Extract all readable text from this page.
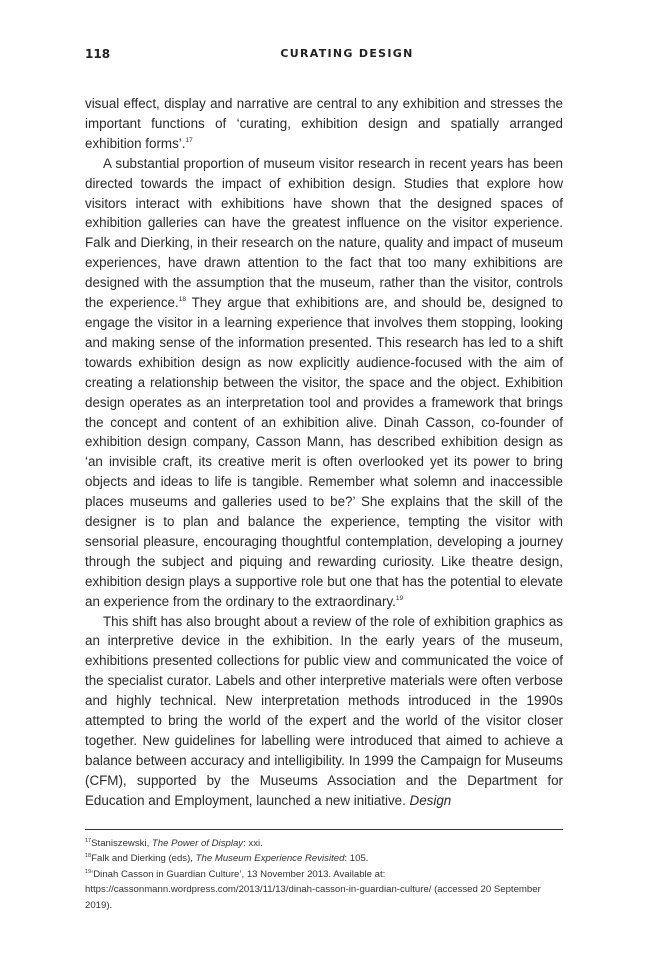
118	CURATING DESIGN

visual effect, display and narrative are central to any exhibition and stresses the important functions of ‘curating, exhibition design and spatially arranged exhibition forms’.$^{17}$

A substantial proportion of museum visitor research in recent years has been directed towards the impact of exhibition design. Studies that explore how visitors interact with exhibitions have shown that the designed spaces of exhibition galleries can have the greatest influence on the visitor experience. Falk and Dierking, in their research on the nature, quality and impact of museum experiences, have drawn attention to the fact that too many exhibitions are designed with the assumption that the museum, rather than the visitor, controls the experience.$^{18}$ They argue that exhibitions are, and should be, designed to engage the visitor in a learning experience that involves them stopping, looking and making sense of the information presented. This research has led to a shift towards exhibition design as now explicitly audience-focused with the aim of creating a relationship between the visitor, the space and the object. Exhibition design operates as an interpretation tool and provides a framework that brings the concept and content of an exhibition alive. Dinah Casson, co-founder of exhibition design company, Casson Mann, has described exhibition design as ‘an invisible craft, its creative merit is often overlooked yet its power to bring objects and ideas to life is tangible. Remember what solemn and inaccessible places museums and galleries used to be?’ She explains that the skill of the designer is to plan and balance the experience, tempting the visitor with sensorial pleasure, encouraging thoughtful contemplation, developing a journey through the subject and piquing and rewarding curiosity. Like theatre design, exhibition design plays a supportive role but one that has the potential to elevate an experience from the ordinary to the extraordinary.$^{19}$

This shift has also brought about a review of the role of exhibition graphics as an interpretive device in the exhibition. In the early years of the museum, exhibitions presented collections for public view and communicated the voice of the specialist curator. Labels and other interpretive materials were often verbose and highly technical. New interpretation methods introduced in the 1990s attempted to bring the world of the expert and the world of the visitor closer together. New guidelines for labelling were introduced that aimed to achieve a balance between accuracy and intelligibility. In 1999 the Campaign for Museums (CFM), supported by the Museums Association and the Department for Education and Employment, launched a new initiative. Design

$^{17}$Staniszewski, The Power of Display: xxi.

$^{18}$Falk and Dierking (eds), The Museum Experience Revisited: 105.

$^{19}$‘Dinah Casson in Guardian Culture’, 13 November 2013. Available at: https://cassonmann.wordpress.com/2013/11/13/dinah-casson-in-guardian-culture/ (accessed 20 September 2019).
